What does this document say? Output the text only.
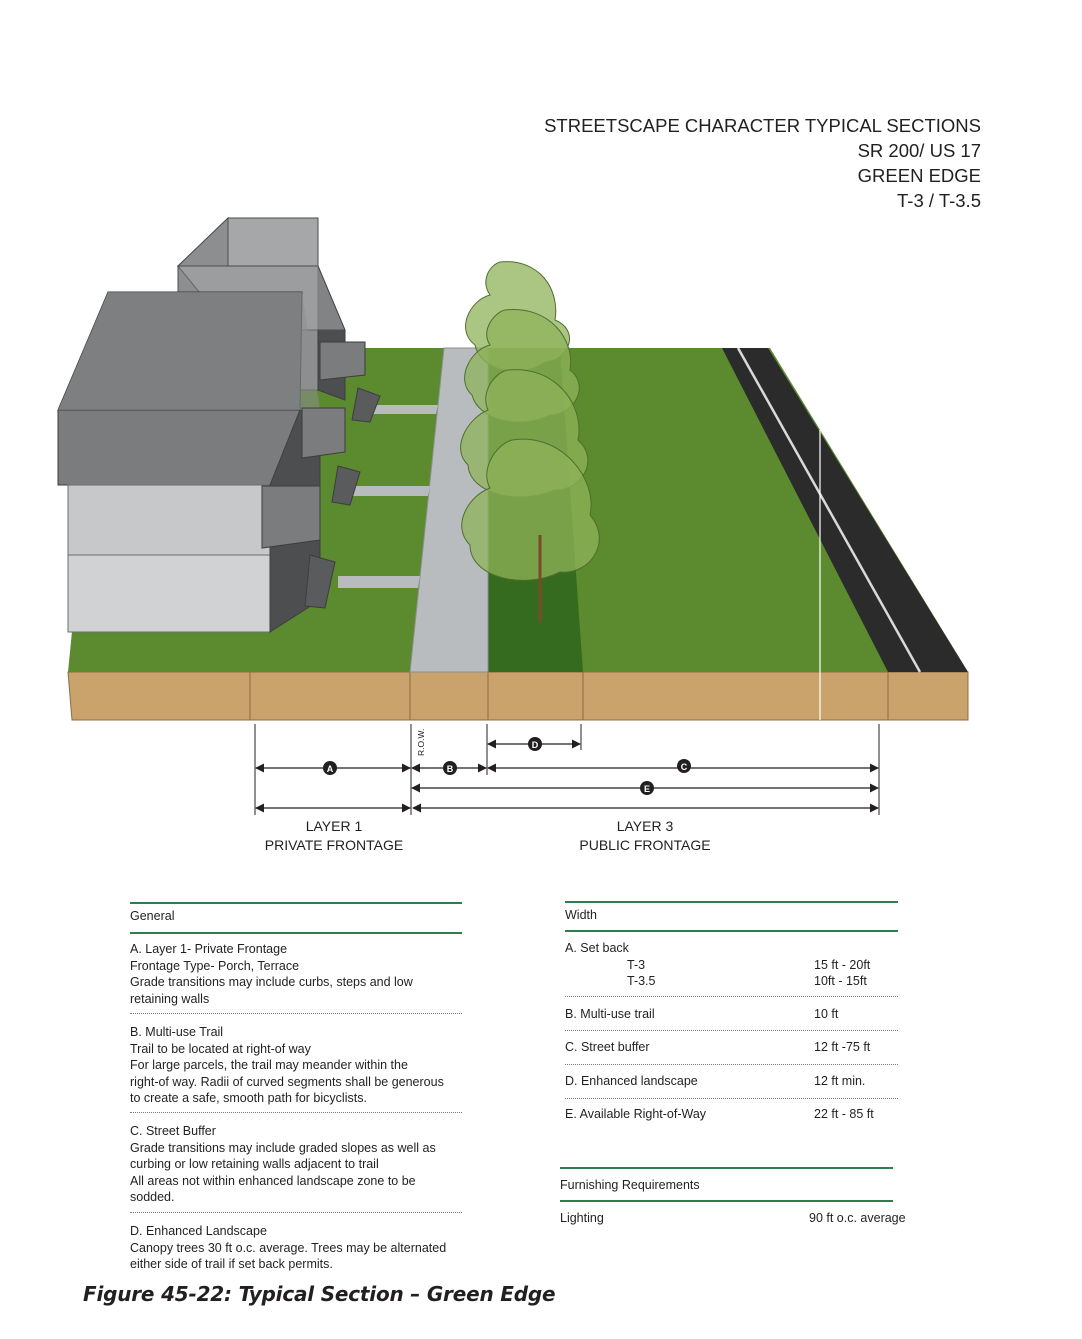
STREETSCAPE CHARACTER TYPICAL SECTIONS
SR 200/ US 17
GREEN EDGE
T-3 / T-3.5
A	B	C
D
E
R.O.W.
LAYER 1
PRIVATE FRONTAGE
LAYER 3
PUBLIC FRONTAGE
General
A. Layer 1- Private Frontage
Frontage Type- Porch, Terrace
Grade transitions may include curbs, steps and low
retaining walls
B. Multi-use Trail
Trail to be located at right-of way
For large parcels, the trail may meander within the
right-of way. Radii of curved segments shall be generous
to create a safe, smooth path for bicyclists.
C. Street Buffer
Grade transitions may include graded slopes as well as
curbing or low retaining walls adjacent to trail
All areas not within enhanced landscape zone to be
sodded.
D. Enhanced Landscape
Canopy trees 30 ft o.c. average. Trees may be alternated
either side of trail if set back permits.
Width
A. Set back
T-3	15 ft - 20ft
T-3.5	10ft - 15ft
B. Multi-use trail	10 ft
C. Street buffer	12 ft -75 ft
D. Enhanced landscape	12 ft min.
E. Available Right-of-Way	22 ft - 85 ft
Furnishing Requirements
Lighting	90 ft o.c. average
Figure 45-22: Typical Section – Green Edge
